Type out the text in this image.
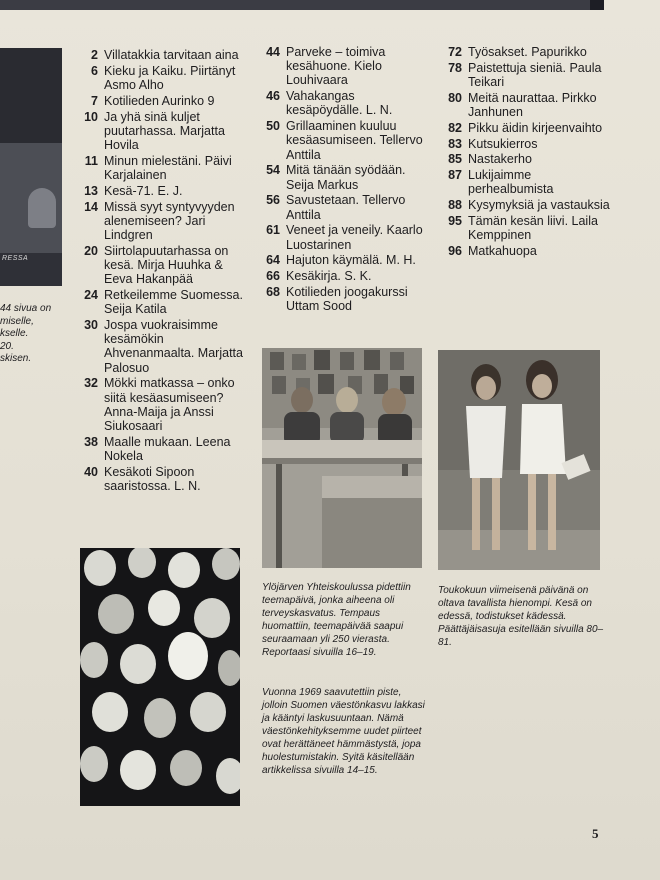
RESSA
44 sivua on
miselle,
kselle.
20.
skisen.
2 Villatakkia tarvitaan aina
6 Kieku ja Kaiku. Piirtänyt Asmo Alho
7 Kotilieden Aurinko 9
10 Ja yhä sinä kuljet puutarhassa. Marjatta Hovila
11 Minun mielestäni. Päivi Karjalainen
13 Kesä-71. E. J.
14 Missä syyt syntyvyyden alenemiseen? Jari Lindgren
20 Siirtolapuutarhassa on kesä. Mirja Huuhka & Eeva Hakanpää
24 Retkeilemme Suomessa. Seija Katila
30 Jospa vuokraisimme kesämökin Ahvenanmaalta. Marjatta Palosuo
32 Mökki matkassa – onko siitä kesäasumiseen? Anna-Maija ja Anssi Siukosaari
38 Maalle mukaan. Leena Nokela
40 Kesäkoti Sipoon saaristossa. L. N.
44 Parveke – toimiva kesähuone. Kielo Louhivaara
46 Vahakangas kesäpöydälle. L. N.
50 Grillaaminen kuuluu kesäasumiseen. Tellervo Anttila
54 Mitä tänään syödään. Seija Markus
56 Savustetaan. Tellervo Anttila
61 Veneet ja veneily. Kaarlo Luostarinen
64 Hajuton käymälä. M. H.
66 Kesäkirja. S. K.
68 Kotilieden joogakurssi Uttam Sood
72 Työsakset. Papurikko
78 Paistettuja sieniä. Paula Teikari
80 Meitä naurattaa. Pirkko Janhunen
82 Pikku äidin kirjeenvaihto
83 Kutsukierros
85 Nastakerho
87 Lukijaimme perhealbumista
88 Kysymyksiä ja vastauksia
95 Tämän kesän liivi. Laila Kemppinen
96 Matkahuopa
Ylöjärven Yhteiskoulussa pidettiin teemapäivä, jonka aiheena oli terveyskasvatus. Tempaus huomattiin, teemapäivää saapui seuraamaan yli 250 vierasta. Reportaasi sivuilla 16–19.
Vuonna 1969 saavutettiin piste, jolloin Suomen väestönkasvu lakkasi ja kääntyi laskusuuntaan. Nämä väestönkehityksemme uudet piirteet ovat herättäneet hämmästystä, jopa huolestumistakin. Syitä käsitellään artikkelissa sivuilla 14–15.
Toukokuun viimeisenä päivänä on oltava tavallista hienompi. Kesä on edessä, todistukset kädessä. Päättäjäisasuja esitellään sivuilla 80–81.
5
